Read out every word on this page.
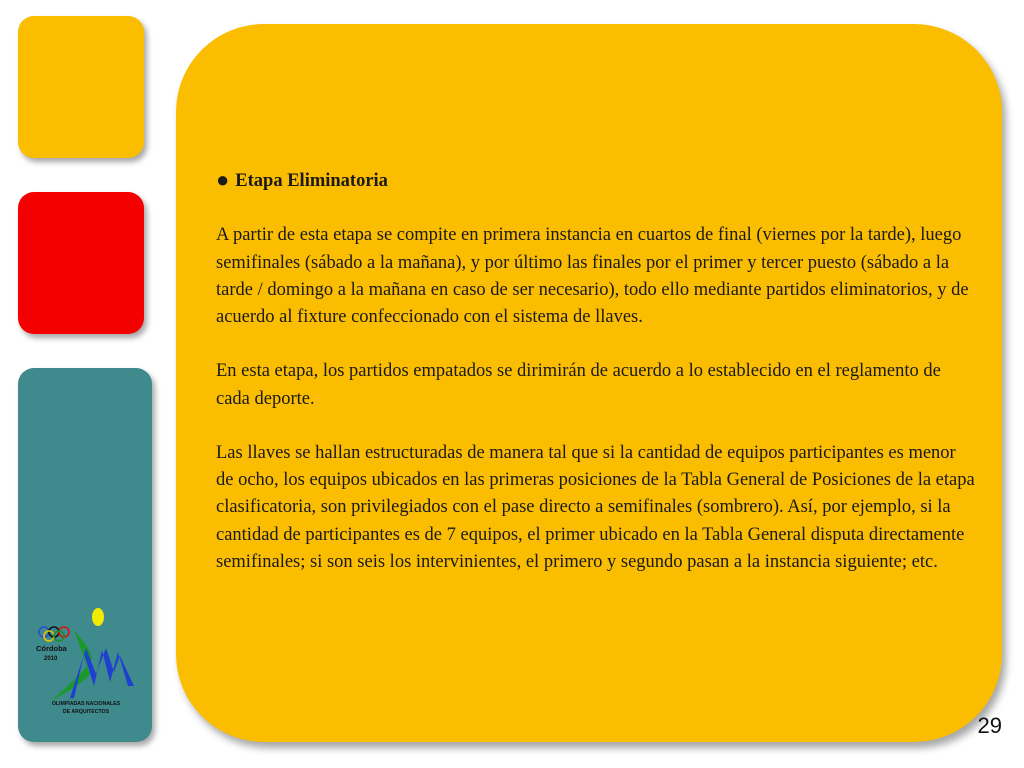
Córdoba
2010
OLIMPÍADAS NACIONALES
DE ARQUITECTOS
● Etapa Eliminatoria

A partir de esta etapa se compite en primera instancia en cuartos de final (viernes por la tarde), luego semifinales (sábado a la mañana), y por último las finales por el primer y tercer puesto (sábado a la tarde / domingo a la mañana en caso de ser necesario), todo ello mediante partidos eliminatorios, y de acuerdo al fixture confeccionado con el sistema de llaves.

En esta etapa, los partidos empatados se dirimirán de acuerdo a lo establecido en el reglamento de cada deporte.

Las llaves se hallan estructuradas de manera tal que si la cantidad de equipos participantes es menor de ocho, los equipos ubicados en las primeras posiciones de la Tabla General de Posiciones de la etapa clasificatoria, son privilegiados con el pase directo a semifinales (sombrero). Así, por ejemplo, si la cantidad de participantes es de 7 equipos, el primer ubicado en la Tabla General disputa directamente semifinales; si son seis los intervinientes, el primero y segundo pasan a la instancia siguiente; etc.

29
